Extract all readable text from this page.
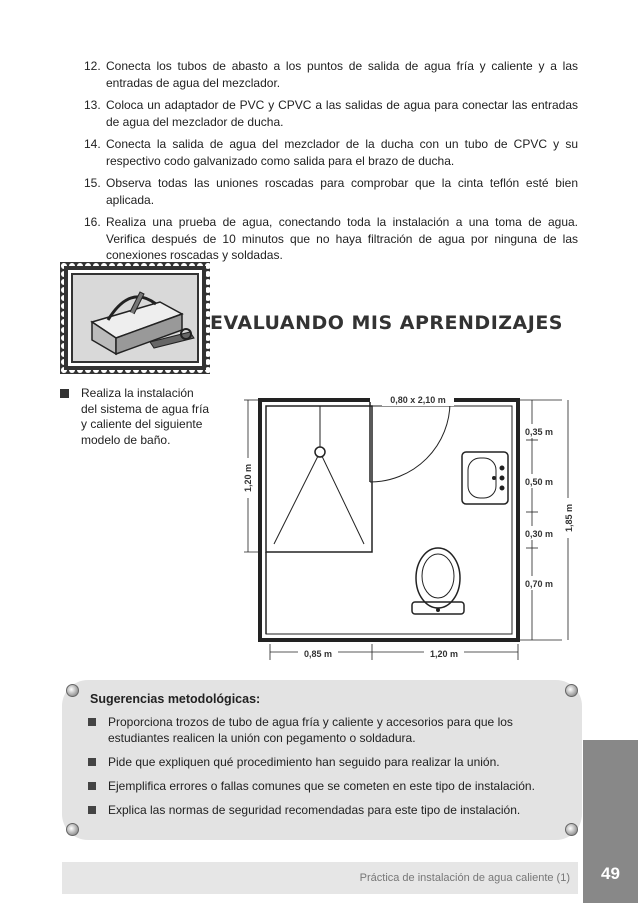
12. Conecta los tubos de abasto a los puntos de salida de agua fría y caliente y a las entradas de agua del mezclador.
13. Coloca un adaptador de PVC y CPVC a las salidas de agua para conectar las entradas de agua del mezclador de ducha.
14. Conecta la salida de agua del mezclador de la ducha con un tubo de CPVC y su respectivo codo galvanizado como salida para el brazo de ducha.
15. Observa todas las uniones roscadas para comprobar que la cinta teflón esté bien aplicada.
16. Realiza una prueba de agua, conectando toda la instalación a una toma de agua. Verifica después de 10 minutos que no haya filtración de agua por ninguna de las conexiones roscadas y soldadas.
EVALUANDO MIS APRENDIZAJES
Realiza la instalación del sistema de agua fría y caliente del siguiente modelo de baño.
0,80 x 2,10 m
1,20 m
0,35 m
0,50 m
0,30 m
0,70 m
1,85 m
0,85 m	1,20 m
Sugerencias metodológicas:
Proporciona trozos de tubo de agua fría y caliente y accesorios para que los estudiantes realicen la unión con pegamento o soldadura.
Pide que expliquen qué procedimiento han seguido para realizar la unión.
Ejemplifica errores o fallas comunes que se cometen en este tipo de instalación.
Explica las normas de seguridad recomendadas para este tipo de instalación.
Práctica de instalación de agua caliente (1)	49
